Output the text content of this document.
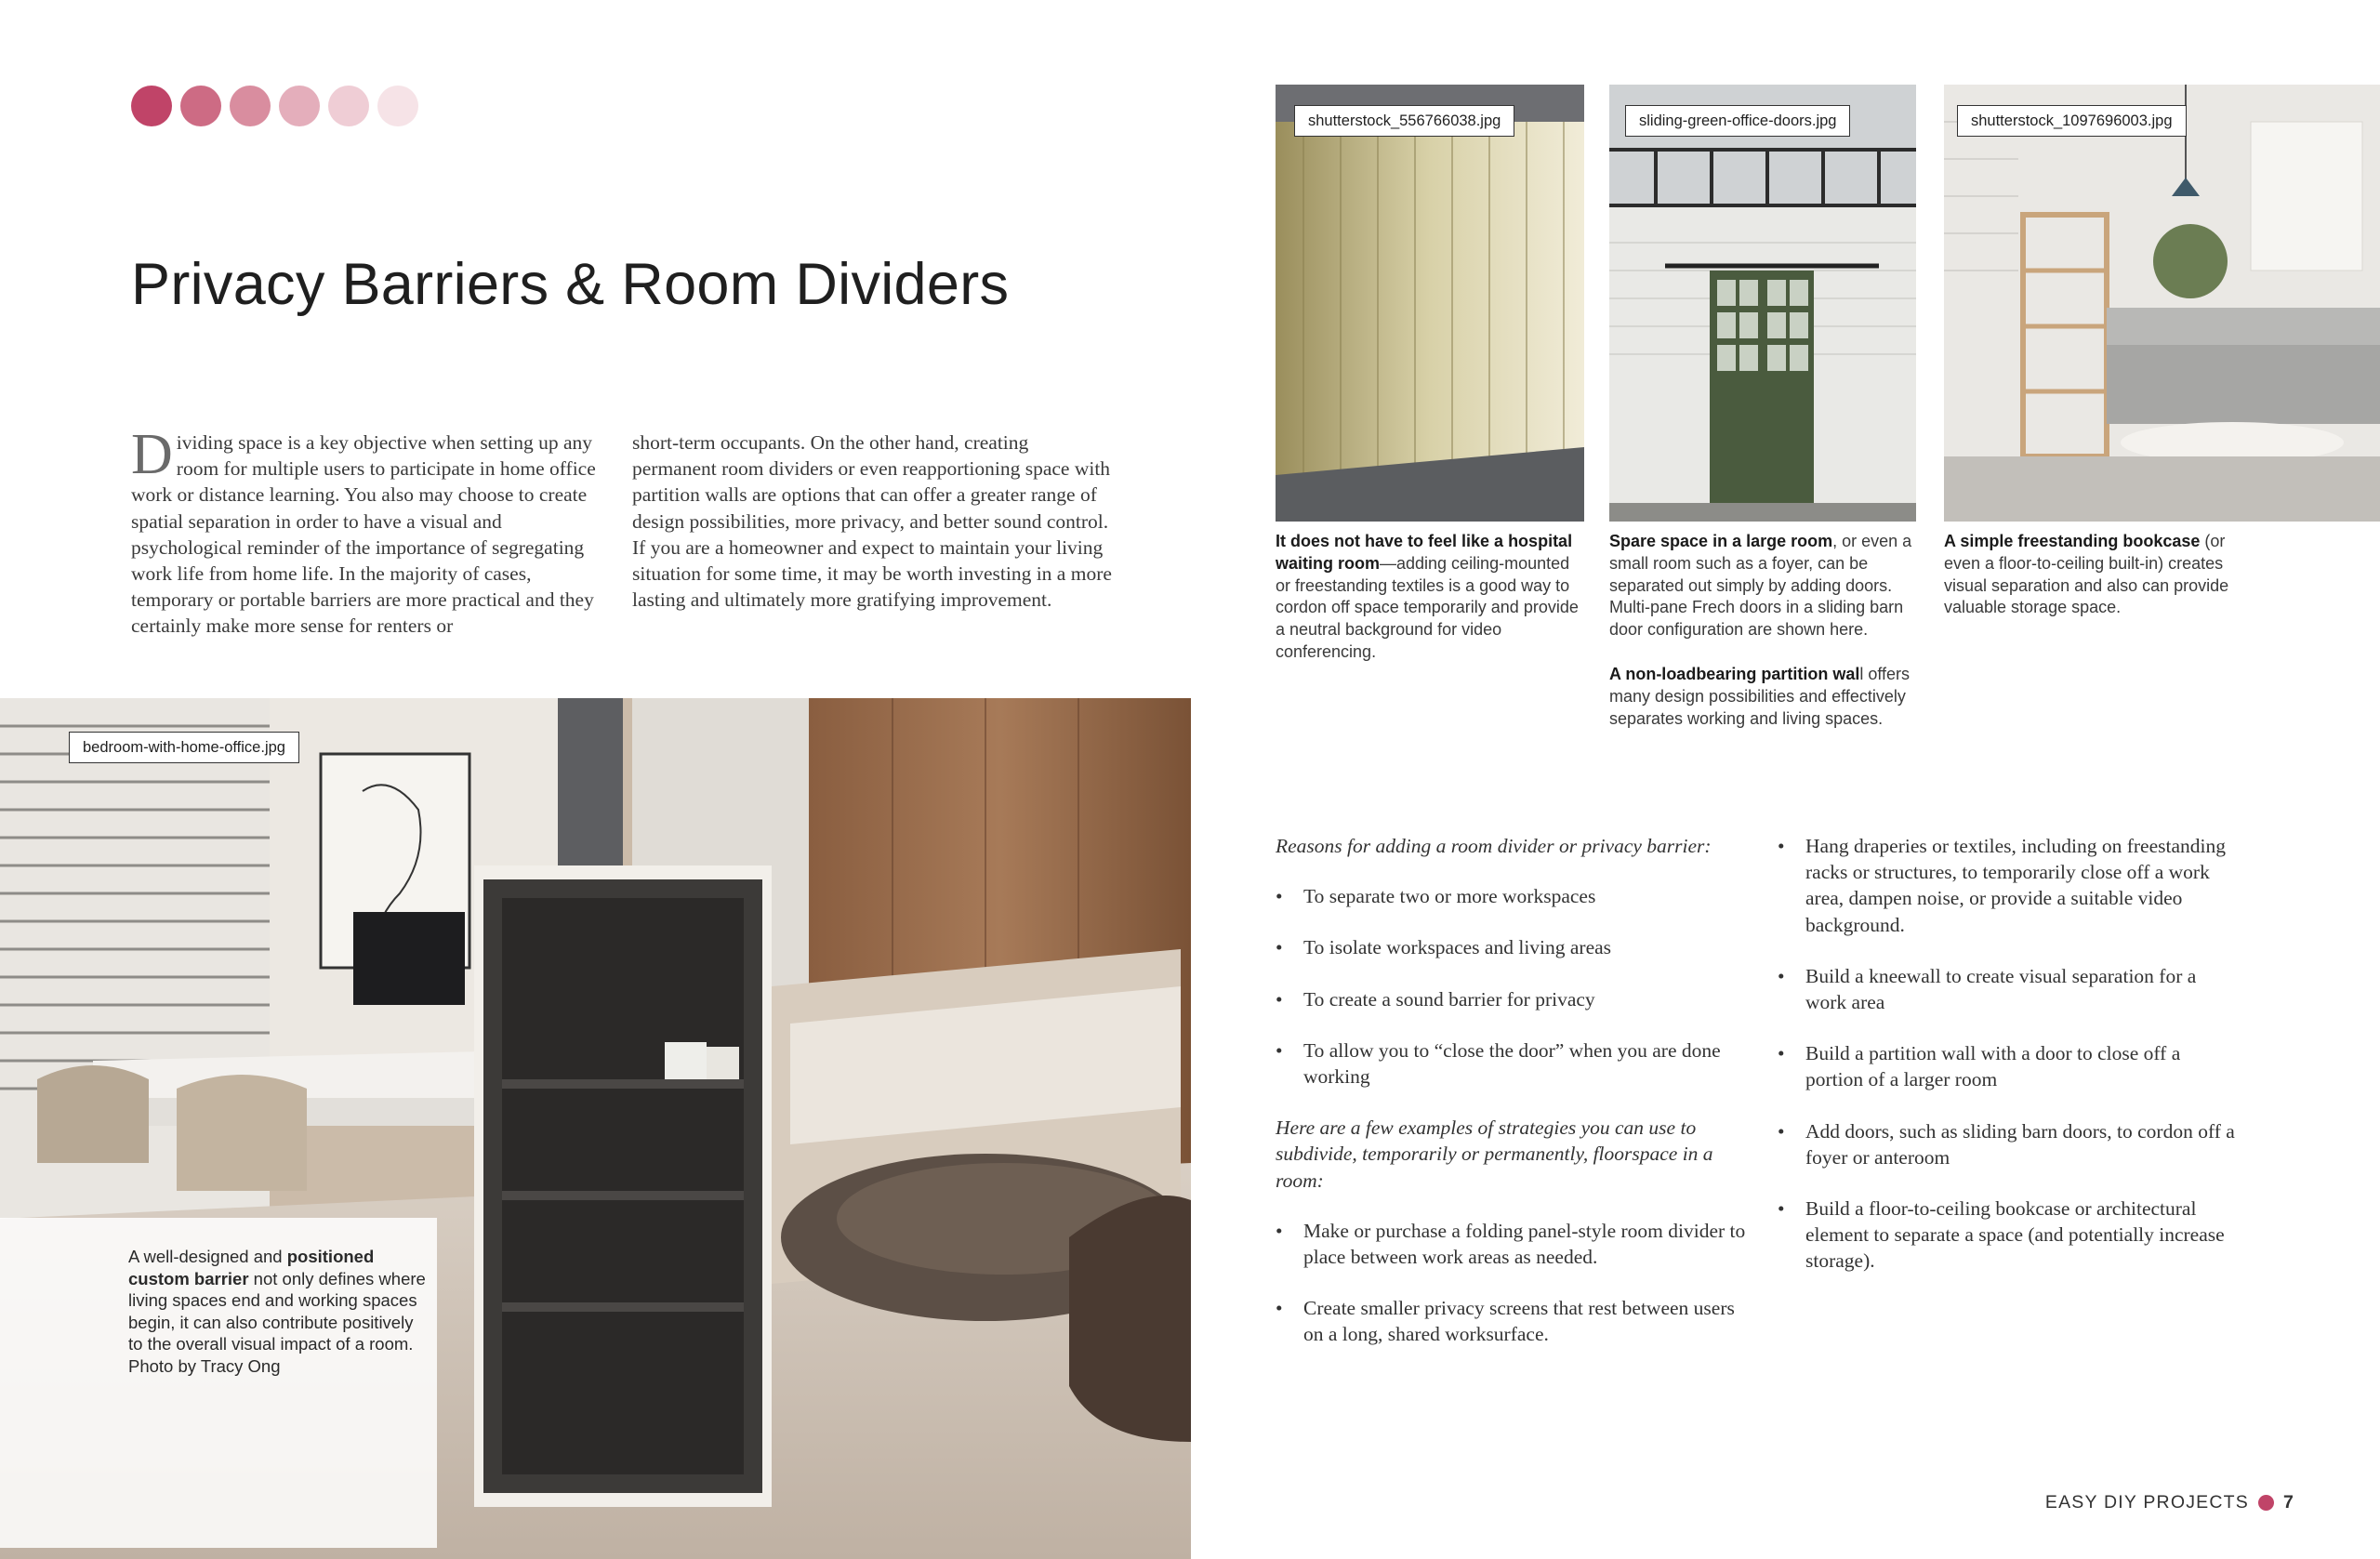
Privacy Barriers & Room Dividers

Dividing space is a key objective when setting up any room for multiple users to participate in home office work or distance learning. You also may choose to create spatial separation in order to have a visual and psychological reminder of the importance of segregating work life from home life. In the majority of cases, temporary or portable barriers are more practical and they certainly make more sense for renters or

short-term occupants. On the other hand, creating permanent room dividers or even reapportioning space with partition walls are options that can offer a greater range of design possibilities, more privacy, and better sound control. If you are a homeowner and expect to maintain your living situation for some time, it may be worth investing in a more lasting and ultimately more gratifying improvement.

bedroom-with-home-office.jpg

A well-designed and positioned custom barrier not only defines where living spaces end and working spaces begin, it can also contribute positively to the overall visual impact of a room. Photo by Tracy Ong

shutterstock_556766038.jpg

It does not have to feel like a hospital waiting room—adding ceiling-mounted or freestanding textiles is a good way to cordon off space temporarily and provide a neutral background for video conferencing.

sliding-green-office-doors.jpg

Spare space in a large room, or even a small room such as a foyer, can be separated out simply by adding doors. Multi-pane Frech doors in a sliding barn door configuration are shown here.

A non-loadbearing partition wall offers many design possibilities and effectively separates working and living spaces.

shutterstock_1097696003.jpg

A simple freestanding bookcase (or even a floor-to-ceiling built-in) creates visual separation and also can provide valuable storage space.

Reasons for adding a room divider or privacy barrier:

• To separate two or more workspaces
• To isolate workspaces and living areas
• To create a sound barrier for privacy
• To allow you to “close the door” when you are done working

Here are a few examples of strategies you can use to subdivide, temporarily or permanently, floorspace in a room:

• Make or purchase a folding panel-style room divider to place between work areas as needed.
• Create smaller privacy screens that rest between users on a long, shared worksurface.
• Hang draperies or textiles, including on freestanding racks or structures, to temporarily close off a work area, dampen noise, or provide a suitable video background.
• Build a kneewall to create visual separation for a work area
• Build a partition wall with a door to close off a portion of a larger room
• Add doors, such as sliding barn doors, to cordon off a foyer or anteroom
• Build a floor-to-ceiling bookcase or architectural element to separate a space (and potentially increase storage).
EASY DIY PROJECTS 7
